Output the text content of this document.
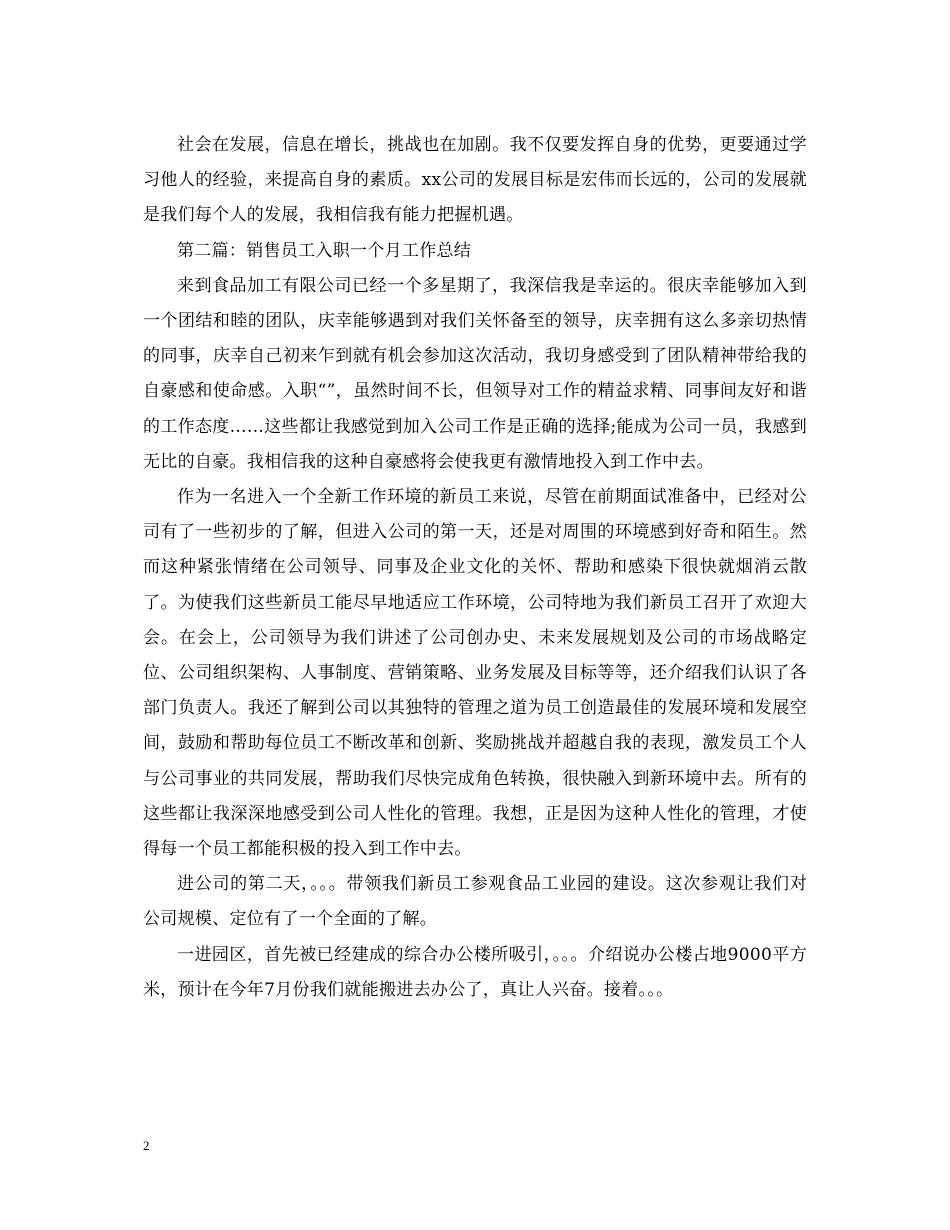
社会在发展，信息在增长，挑战也在加剧。我不仅要发挥自身的优势，更要通过学习他人的经验，来提高自身的素质。xx公司的发展目标是宏伟而长远的，公司的发展就是我们每个人的发展，我相信我有能力把握机遇。

第二篇：销售员工入职一个月工作总结

来到食品加工有限公司已经一个多星期了，我深信我是幸运的。很庆幸能够加入到一个团结和睦的团队，庆幸能够遇到对我们关怀备至的领导，庆幸拥有这么多亲切热情的同事，庆幸自己初来乍到就有机会参加这次活动，我切身感受到了团队精神带给我的自豪感和使命感。入职“”，虽然时间不长，但领导对工作的精益求精、同事间友好和谐的工作态度……这些都让我感觉到加入公司工作是正确的选择;能成为公司一员，我感到无比的自豪。我相信我的这种自豪感将会使我更有激情地投入到工作中去。

作为一名进入一个全新工作环境的新员工来说，尽管在前期面试准备中，已经对公司有了一些初步的了解，但进入公司的第一天，还是对周围的环境感到好奇和陌生。然而这种紧张情绪在公司领导、同事及企业文化的关怀、帮助和感染下很快就烟消云散了。为使我们这些新员工能尽早地适应工作环境，公司特地为我们新员工召开了欢迎大会。在会上，公司领导为我们讲述了公司创办史、未来发展规划及公司的市场战略定位、公司组织架构、人事制度、营销策略、业务发展及目标等等，还介绍我们认识了各部门负责人。我还了解到公司以其独特的管理之道为员工创造最佳的发展环境和发展空间，鼓励和帮助每位员工不断改革和创新、奖励挑战并超越自我的表现，激发员工个人与公司事业的共同发展，帮助我们尽快完成角色转换，很快融入到新环境中去。所有的这些都让我深深地感受到公司人性化的管理。我想，正是因为这种人性化的管理，才使得每一个员工都能积极的投入到工作中去。

进公司的第二天，。。。带领我们新员工参观食品工业园的建设。这次参观让我们对公司规模、定位有了一个全面的了解。

一进园区，首先被已经建成的综合办公楼所吸引，。。。介绍说办公楼占地9000平方米，预计在今年7月份我们就能搬进去办公了，真让人兴奋。接着。。。

2
